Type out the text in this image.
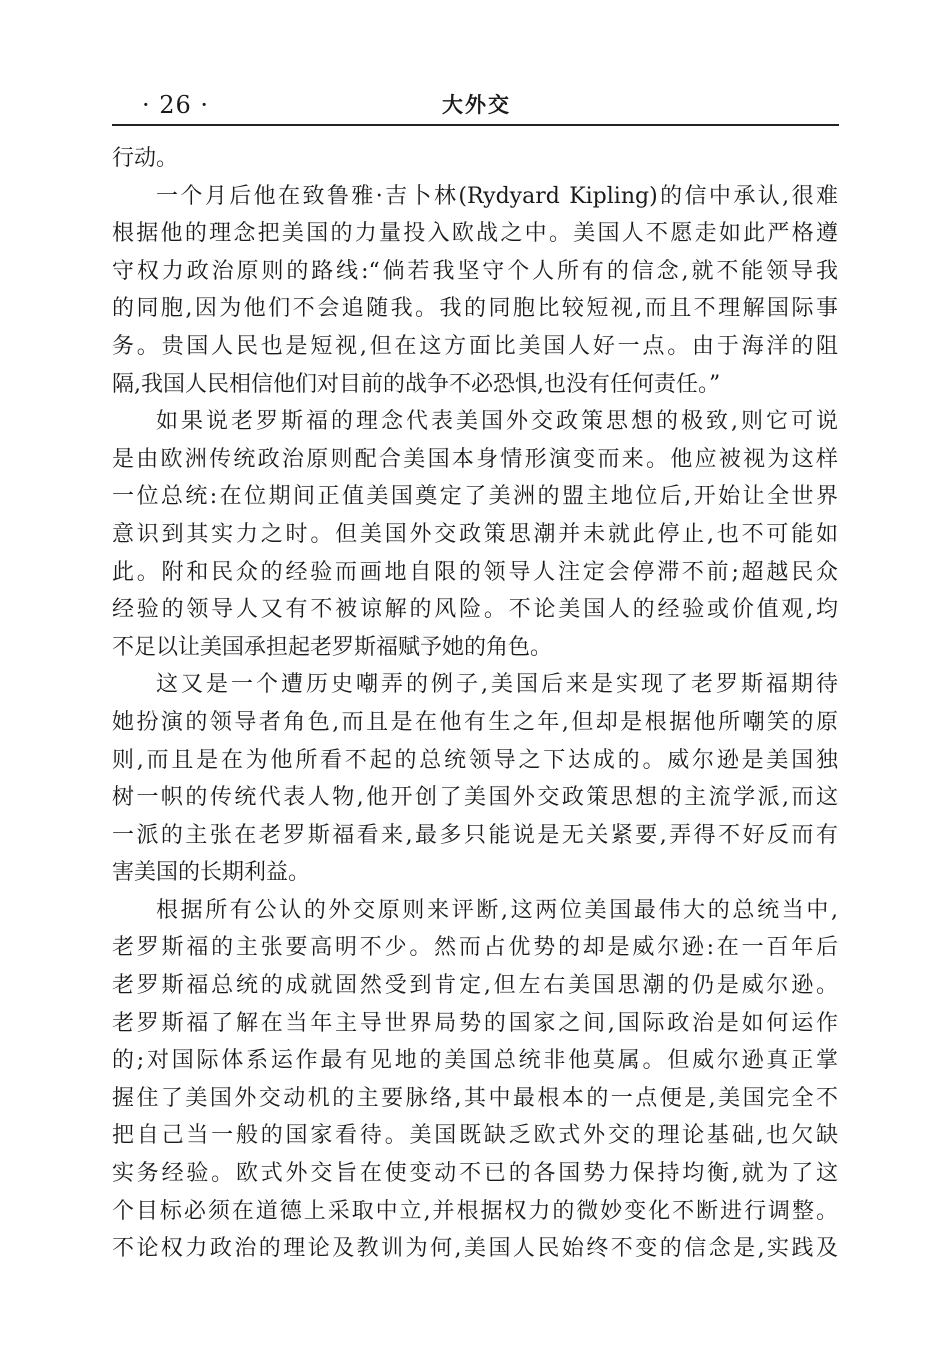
· 26 ·	大外交
行动。
一个月后他在致鲁雅·吉卜林(Rydyard Kipling)的信中承认,很难
根据他的理念把美国的力量投入欧战之中。美国人不愿走如此严格遵
守权力政治原则的路线:“倘若我坚守个人所有的信念,就不能领导我
的同胞,因为他们不会追随我。我的同胞比较短视,而且不理解国际事
务。贵国人民也是短视,但在这方面比美国人好一点。由于海洋的阻
隔,我国人民相信他们对目前的战争不必恐惧,也没有任何责任。”
如果说老罗斯福的理念代表美国外交政策思想的极致,则它可说
是由欧洲传统政治原则配合美国本身情形演变而来。他应被视为这样
一位总统:在位期间正值美国奠定了美洲的盟主地位后,开始让全世界
意识到其实力之时。但美国外交政策思潮并未就此停止,也不可能如
此。附和民众的经验而画地自限的领导人注定会停滞不前;超越民众
经验的领导人又有不被谅解的风险。不论美国人的经验或价值观,均
不足以让美国承担起老罗斯福赋予她的角色。
这又是一个遭历史嘲弄的例子,美国后来是实现了老罗斯福期待
她扮演的领导者角色,而且是在他有生之年,但却是根据他所嘲笑的原
则,而且是在为他所看不起的总统领导之下达成的。威尔逊是美国独
树一帜的传统代表人物,他开创了美国外交政策思想的主流学派,而这
一派的主张在老罗斯福看来,最多只能说是无关紧要,弄得不好反而有
害美国的长期利益。
根据所有公认的外交原则来评断,这两位美国最伟大的总统当中,
老罗斯福的主张要高明不少。然而占优势的却是威尔逊:在一百年后
老罗斯福总统的成就固然受到肯定,但左右美国思潮的仍是威尔逊。
老罗斯福了解在当年主导世界局势的国家之间,国际政治是如何运作
的;对国际体系运作最有见地的美国总统非他莫属。但威尔逊真正掌
握住了美国外交动机的主要脉络,其中最根本的一点便是,美国完全不
把自己当一般的国家看待。美国既缺乏欧式外交的理论基础,也欠缺
实务经验。欧式外交旨在使变动不已的各国势力保持均衡,就为了这
个目标必须在道德上采取中立,并根据权力的微妙变化不断进行调整。
不论权力政治的理论及教训为何,美国人民始终不变的信念是,实践及
